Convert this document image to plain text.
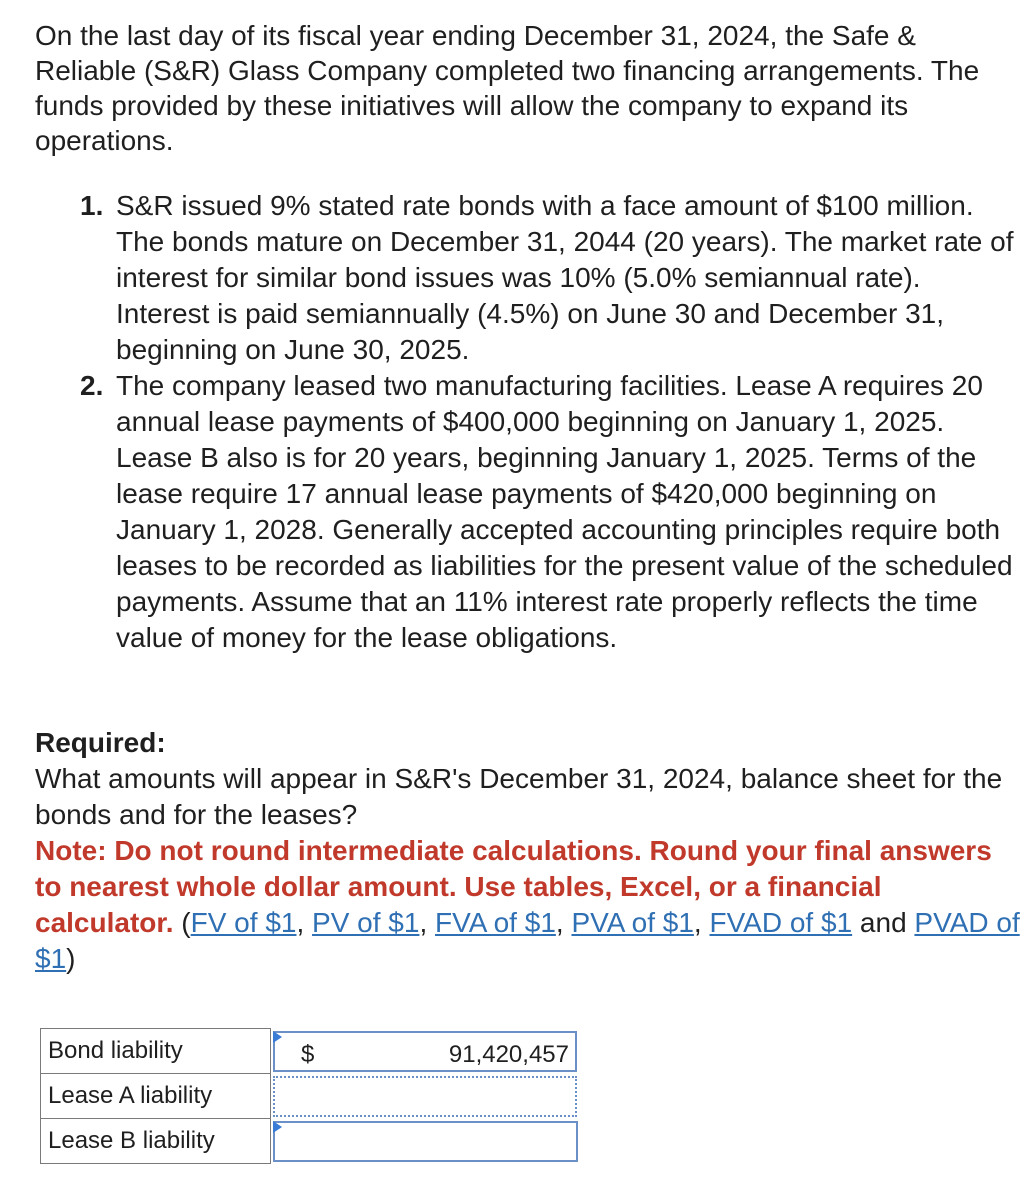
On the last day of its fiscal year ending December 31, 2024, the Safe & Reliable (S&R) Glass Company completed two financing arrangements. The funds provided by these initiatives will allow the company to expand its operations.

1. S&R issued 9% stated rate bonds with a face amount of $100 million. The bonds mature on December 31, 2044 (20 years). The market rate of interest for similar bond issues was 10% (5.0% semiannual rate). Interest is paid semiannually (4.5%) on June 30 and December 31, beginning on June 30, 2025.
2. The company leased two manufacturing facilities. Lease A requires 20 annual lease payments of $400,000 beginning on January 1, 2025. Lease B also is for 20 years, beginning January 1, 2025. Terms of the lease require 17 annual lease payments of $420,000 beginning on January 1, 2028. Generally accepted accounting principles require both leases to be recorded as liabilities for the present value of the scheduled payments. Assume that an 11% interest rate properly reflects the time value of money for the lease obligations.
Required:
What amounts will appear in S&R's December 31, 2024, balance sheet for the bonds and for the leases?
Note: Do not round intermediate calculations. Round your final answers to nearest whole dollar amount. Use tables, Excel, or a financial calculator. (FV of $1, PV of $1, FVA of $1, PVA of $1, FVAD of $1 and PVAD of $1)
Bond liability	$ 91,420,457

Lease A liability	

Lease B liability	
